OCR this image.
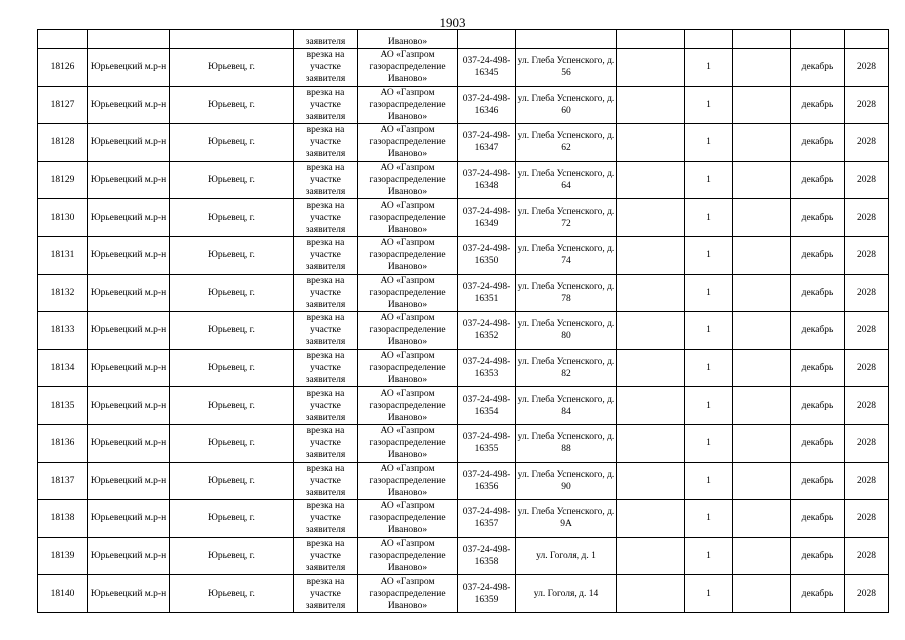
1903
			заявителя	Иваново»							
18126	Юрьевецкий м.р-н	Юрьевец, г.	врезка на участке заявителя	АО «Газпром газораспределение Иваново»	037-24-498-16345	ул. Глеба Успенского, д. 56		1		декабрь	2028
18127	Юрьевецкий м.р-н	Юрьевец, г.	врезка на участке заявителя	АО «Газпром газораспределение Иваново»	037-24-498-16346	ул. Глеба Успенского, д. 60		1		декабрь	2028
18128	Юрьевецкий м.р-н	Юрьевец, г.	врезка на участке заявителя	АО «Газпром газораспределение Иваново»	037-24-498-16347	ул. Глеба Успенского, д. 62		1		декабрь	2028
18129	Юрьевецкий м.р-н	Юрьевец, г.	врезка на участке заявителя	АО «Газпром газораспределение Иваново»	037-24-498-16348	ул. Глеба Успенского, д. 64		1		декабрь	2028
18130	Юрьевецкий м.р-н	Юрьевец, г.	врезка на участке заявителя	АО «Газпром газораспределение Иваново»	037-24-498-16349	ул. Глеба Успенского, д. 72		1		декабрь	2028
18131	Юрьевецкий м.р-н	Юрьевец, г.	врезка на участке заявителя	АО «Газпром газораспределение Иваново»	037-24-498-16350	ул. Глеба Успенского, д. 74		1		декабрь	2028
18132	Юрьевецкий м.р-н	Юрьевец, г.	врезка на участке заявителя	АО «Газпром газораспределение Иваново»	037-24-498-16351	ул. Глеба Успенского, д. 78		1		декабрь	2028
18133	Юрьевецкий м.р-н	Юрьевец, г.	врезка на участке заявителя	АО «Газпром газораспределение Иваново»	037-24-498-16352	ул. Глеба Успенского, д. 80		1		декабрь	2028
18134	Юрьевецкий м.р-н	Юрьевец, г.	врезка на участке заявителя	АО «Газпром газораспределение Иваново»	037-24-498-16353	ул. Глеба Успенского, д. 82		1		декабрь	2028
18135	Юрьевецкий м.р-н	Юрьевец, г.	врезка на участке заявителя	АО «Газпром газораспределение Иваново»	037-24-498-16354	ул. Глеба Успенского, д. 84		1		декабрь	2028
18136	Юрьевецкий м.р-н	Юрьевец, г.	врезка на участке заявителя	АО «Газпром газораспределение Иваново»	037-24-498-16355	ул. Глеба Успенского, д. 88		1		декабрь	2028
18137	Юрьевецкий м.р-н	Юрьевец, г.	врезка на участке заявителя	АО «Газпром газораспределение Иваново»	037-24-498-16356	ул. Глеба Успенского, д. 90		1		декабрь	2028
18138	Юрьевецкий м.р-н	Юрьевец, г.	врезка на участке заявителя	АО «Газпром газораспределение Иваново»	037-24-498-16357	ул. Глеба Успенского, д. 9А		1		декабрь	2028
18139	Юрьевецкий м.р-н	Юрьевец, г.	врезка на участке заявителя	АО «Газпром газораспределение Иваново»	037-24-498-16358	ул. Гоголя, д. 1		1		декабрь	2028
18140	Юрьевецкий м.р-н	Юрьевец, г.	врезка на участке заявителя	АО «Газпром газораспределение Иваново»	037-24-498-16359	ул. Гоголя, д. 14		1		декабрь	2028
